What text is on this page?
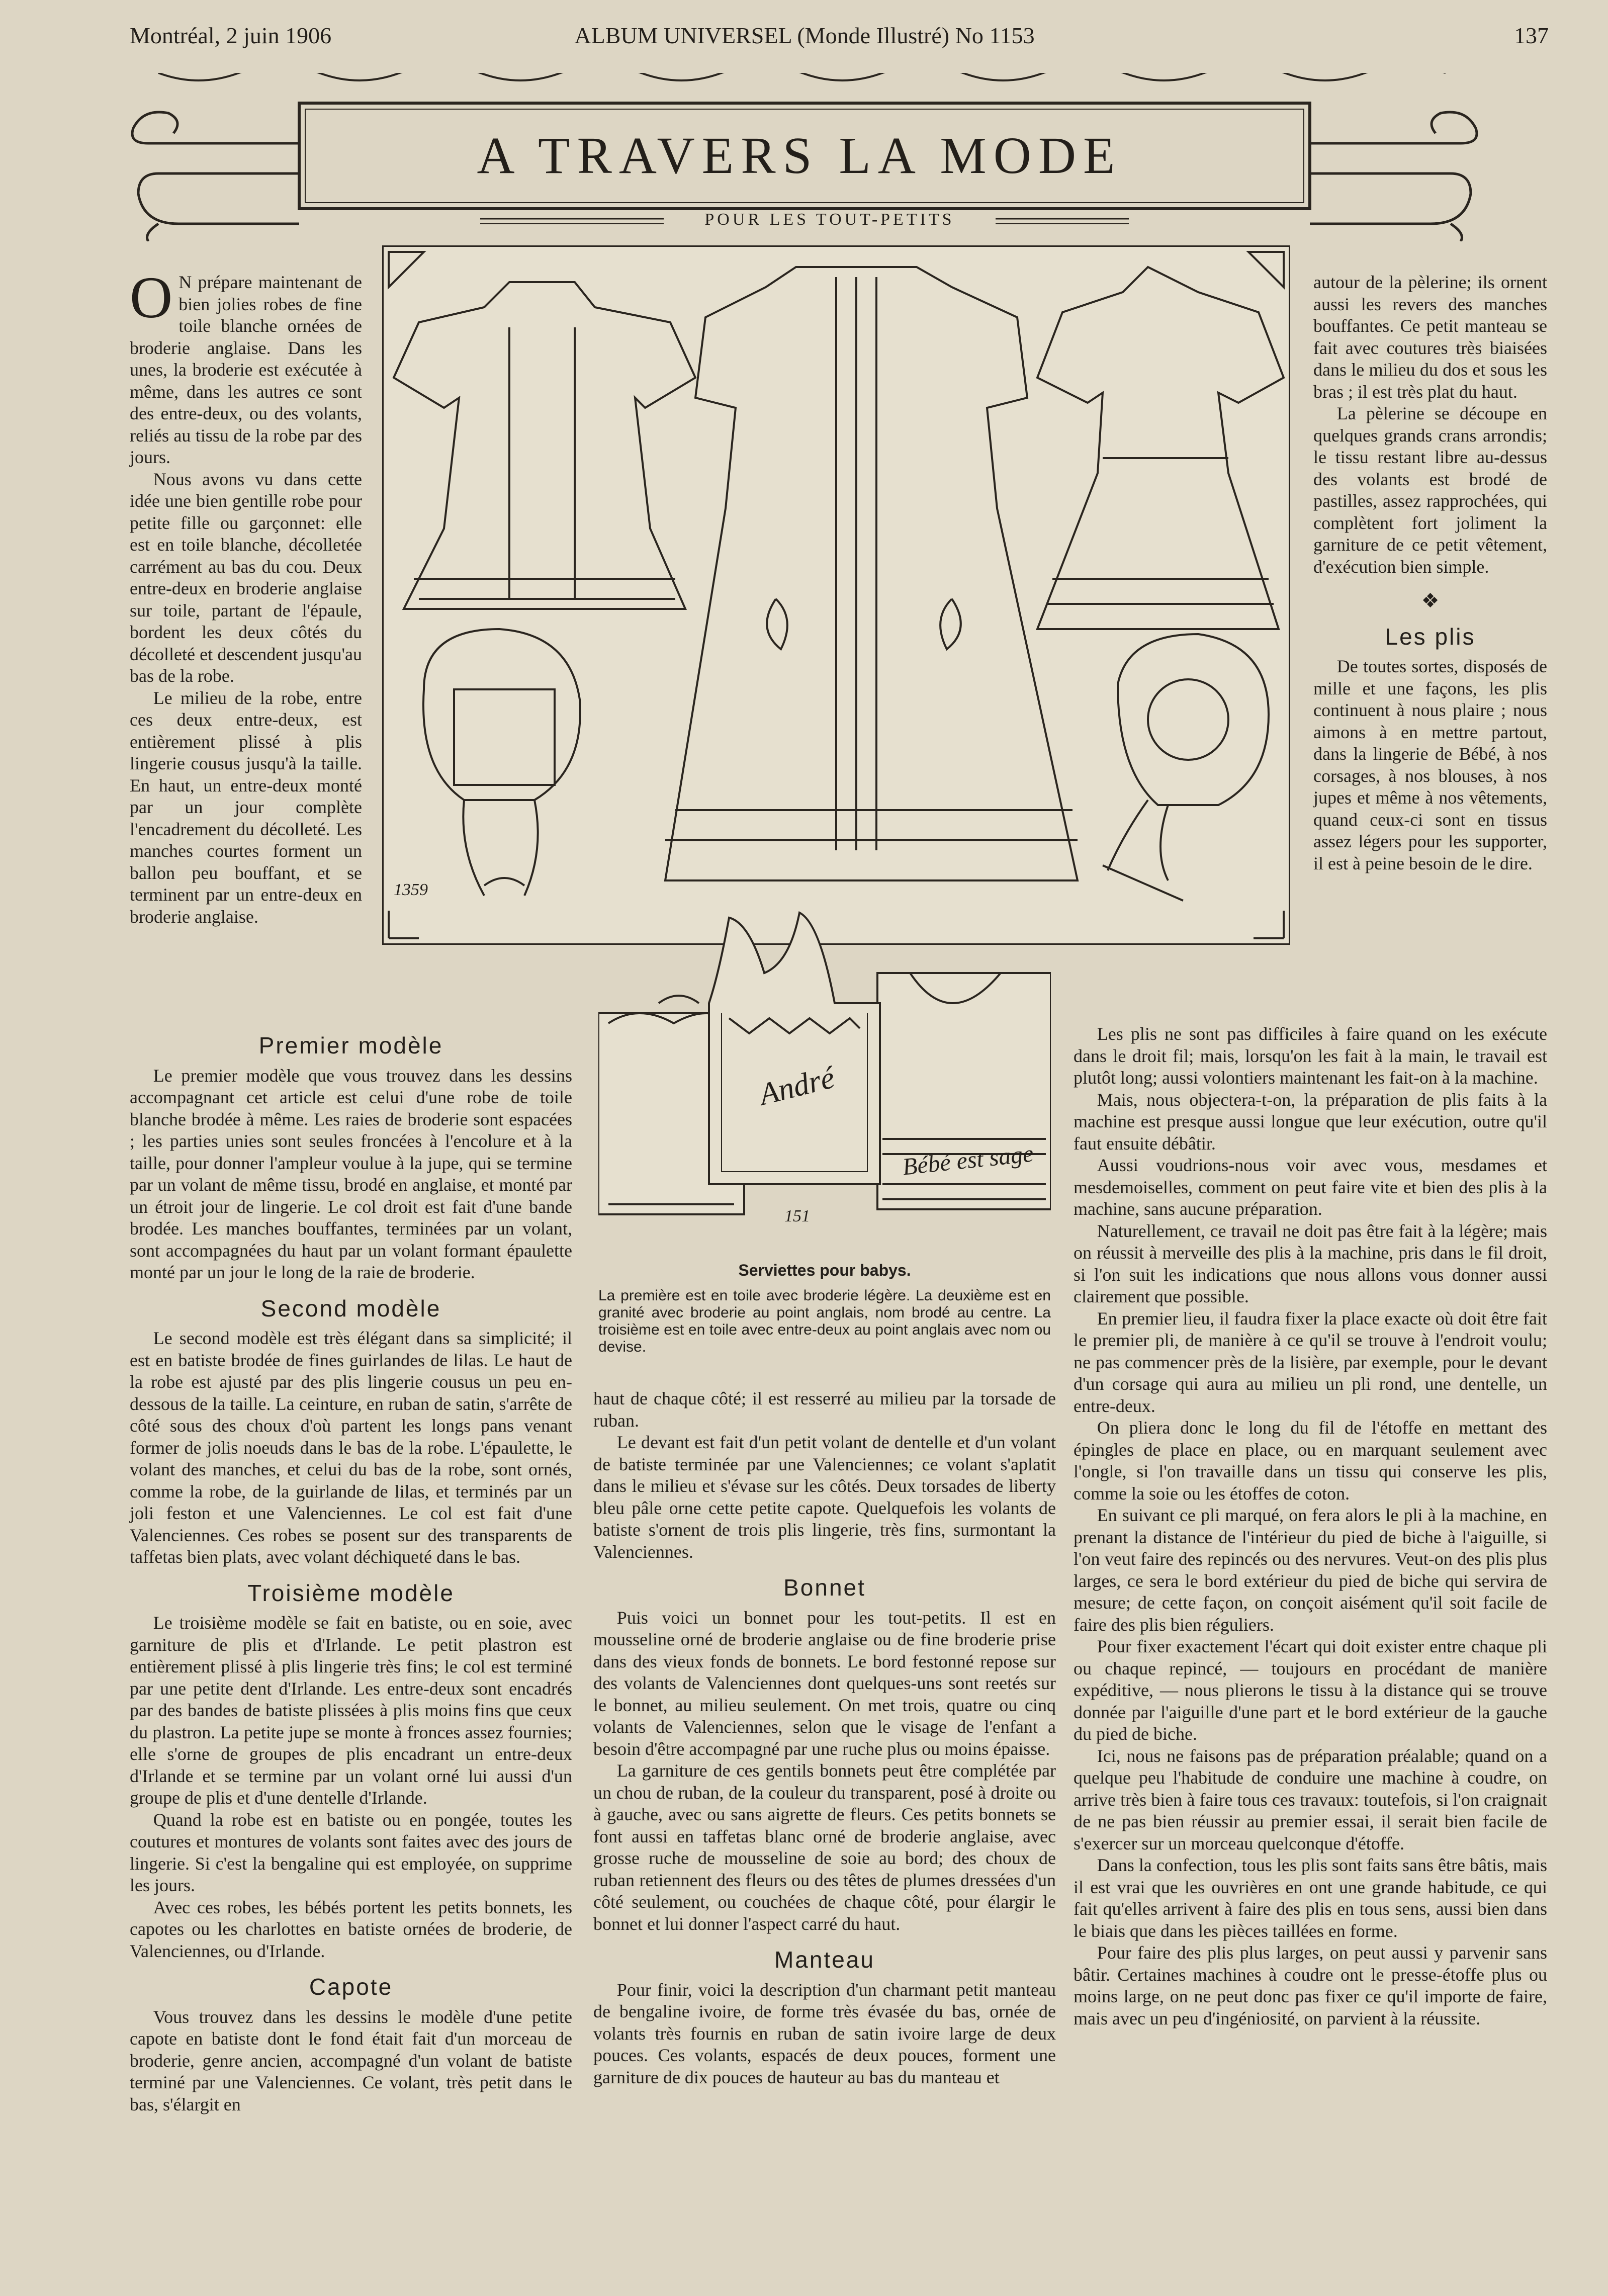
Montréal, 2 juin 1906	ALBUM UNIVERSEL (Monde Illustré) No 1153	137
A TRAVERS LA MODE
POUR LES TOUT-PETITS
1359
André
Bébé est sage
151
Serviettes pour babys.
La première est en toile avec broderie légère. La deuxième est en granité avec broderie au point anglais, nom brodé au centre. La troisième est en toile avec entre-deux au point anglais avec nom ou devise.

O N prépare maintenant de bien jolies robes de fine toile blanche ornées de broderie anglaise. Dans les unes, la broderie est exécutée à même, dans les autres ce sont des entre-deux, ou des volants, reliés au tissu de la robe par des jours.

Nous avons vu dans cette idée une bien gentille robe pour petite fille ou garçonnet: elle est en toile blanche, décolletée carrément au bas du cou. Deux entre-deux en broderie anglaise sur toile, partant de l'épaule, bordent les deux côtés du décolleté et descendent jusqu'au bas de la robe.

Le milieu de la robe, entre ces deux entre-deux, est entièrement plissé à plis lingerie cousus jusqu'à la taille. En haut, un entre-deux monté par un jour complète l'encadrement du décolleté. Les manches courtes forment un ballon peu bouffant, et se terminent par un entre-deux en broderie anglaise.

Premier modèle

Le premier modèle que vous trouvez dans les dessins accompagnant cet article est celui d'une robe de toile blanche brodée à même. Les raies de broderie sont espacées ; les parties unies sont seules froncées à l'encolure et à la taille, pour donner l'ampleur voulue à la jupe, qui se termine par un volant de même tissu, brodé en anglaise, et monté par un étroit jour de lingerie. Le col droit est fait d'une bande brodée. Les manches bouffantes, terminées par un volant, sont accompagnées du haut par un volant formant épaulette monté par un jour le long de la raie de broderie.

Second modèle

Le second modèle est très élégant dans sa simplicité; il est en batiste brodée de fines guirlandes de lilas. Le haut de la robe est ajusté par des plis lingerie cousus un peu en-dessous de la taille. La ceinture, en ruban de satin, s'arrête de côté sous des choux d'où partent les longs pans venant former de jolis noeuds dans le bas de la robe. L'épaulette, le volant des manches, et celui du bas de la robe, sont ornés, comme la robe, de la guirlande de lilas, et terminés par un joli feston et une Valenciennes. Le col est fait d'une Valenciennes. Ces robes se posent sur des transparents de taffetas bien plats, avec volant déchiqueté dans le bas.

Troisième modèle

Le troisième modèle se fait en batiste, ou en soie, avec garniture de plis et d'Irlande. Le petit plastron est entièrement plissé à plis lingerie très fins; le col est terminé par une petite dent d'Irlande. Les entre-deux sont encadrés par des bandes de batiste plissées à plis moins fins que ceux du plastron. La petite jupe se monte à fronces assez fournies; elle s'orne de groupes de plis encadrant un entre-deux d'Irlande et se termine par un volant orné lui aussi d'un groupe de plis et d'une dentelle d'Irlande.

Quand la robe est en batiste ou en pongée, toutes les coutures et montures de volants sont faites avec des jours de lingerie. Si c'est la bengaline qui est employée, on supprime les jours.

Avec ces robes, les bébés portent les petits bonnets, les capotes ou les charlottes en batiste ornées de broderie, de Valenciennes, ou d'Irlande.

Capote

Vous trouvez dans les dessins le modèle d'une petite capote en batiste dont le fond était fait d'un morceau de broderie, genre ancien, accompagné d'un volant de batiste terminé par une Valenciennes. Ce volant, très petit dans le bas, s'élargit en

haut de chaque côté; il est resserré au milieu par la torsade de ruban.

Le devant est fait d'un petit volant de dentelle et d'un volant de batiste terminée par une Valenciennes; ce volant s'aplatit dans le milieu et s'évase sur les côtés. Deux torsades de liberty bleu pâle orne cette petite capote. Quelquefois les volants de batiste s'ornent de trois plis lingerie, très fins, surmontant la Valenciennes.

Bonnet

Puis voici un bonnet pour les tout-petits. Il est en mousseline orné de broderie anglaise ou de fine broderie prise dans des vieux fonds de bonnets. Le bord festonné repose sur des volants de Valenciennes dont quelques-uns sont reetés sur le bonnet, au milieu seulement. On met trois, quatre ou cinq volants de Valenciennes, selon que le visage de l'enfant a besoin d'être accompagné par une ruche plus ou moins épaisse.

La garniture de ces gentils bonnets peut être complétée par un chou de ruban, de la couleur du transparent, posé à droite ou à gauche, avec ou sans aigrette de fleurs. Ces petits bonnets se font aussi en taffetas blanc orné de broderie anglaise, avec grosse ruche de mousseline de soie au bord; des choux de ruban retiennent des fleurs ou des têtes de plumes dressées d'un côté seulement, ou couchées de chaque côté, pour élargir le bonnet et lui donner l'aspect carré du haut.

Manteau

Pour finir, voici la description d'un charmant petit manteau de bengaline ivoire, de forme très évasée du bas, ornée de volants très fournis en ruban de satin ivoire large de deux pouces. Ces volants, espacés de deux pouces, forment une garniture de dix pouces de hauteur au bas du manteau et

autour de la pèlerine; ils ornent aussi les revers des manches bouffantes. Ce petit manteau se fait avec coutures très biaisées dans le milieu du dos et sous les bras ; il est très plat du haut.

La pèlerine se découpe en quelques grands crans arrondis; le tissu restant libre au-dessus des volants est brodé de pastilles, assez rapprochées, qui complètent fort joliment la garniture de ce petit vêtement, d'exécution bien simple.

❖
Les plis

De toutes sortes, disposés de mille et une façons, les plis continuent à nous plaire ; nous aimons à en mettre partout, dans la lingerie de Bébé, à nos corsages, à nos blouses, à nos jupes et même à nos vêtements, quand ceux-ci sont en tissus assez légers pour les supporter, il est à peine besoin de le dire.

Les plis ne sont pas difficiles à faire quand on les exécute dans le droit fil; mais, lorsqu'on les fait à la main, le travail est plutôt long; aussi volontiers maintenant les fait-on à la machine.

Mais, nous objectera-t-on, la préparation de plis faits à la machine est presque aussi longue que leur exécution, outre qu'il faut ensuite débâtir.

Aussi voudrions-nous voir avec vous, mesdames et mesdemoiselles, comment on peut faire vite et bien des plis à la machine, sans aucune préparation.

Naturellement, ce travail ne doit pas être fait à la légère; mais on réussit à merveille des plis à la machine, pris dans le fil droit, si l'on suit les indications que nous allons vous donner aussi clairement que possible.

En premier lieu, il faudra fixer la place exacte où doit être fait le premier pli, de manière à ce qu'il se trouve à l'endroit voulu; ne pas commencer près de la lisière, par exemple, pour le devant d'un corsage qui aura au milieu un pli rond, une dentelle, un entre-deux.

On pliera donc le long du fil de l'étoffe en mettant des épingles de place en place, ou en marquant seulement avec l'ongle, si l'on travaille dans un tissu qui conserve les plis, comme la soie ou les étoffes de coton.

En suivant ce pli marqué, on fera alors le pli à la machine, en prenant la distance de l'intérieur du pied de biche à l'aiguille, si l'on veut faire des repincés ou des nervures. Veut-on des plis plus larges, ce sera le bord extérieur du pied de biche qui servira de mesure; de cette façon, on conçoit aisément qu'il soit facile de faire des plis bien réguliers.

Pour fixer exactement l'écart qui doit exister entre chaque pli ou chaque repincé, — toujours en procédant de manière expéditive, — nous plierons le tissu à la distance qui se trouve donnée par l'aiguille d'une part et le bord extérieur de la gauche du pied de biche.

Ici, nous ne faisons pas de préparation préalable; quand on a quelque peu l'habitude de conduire une machine à coudre, on arrive très bien à faire tous ces travaux: toutefois, si l'on craignait de ne pas bien réussir au premier essai, il serait bien facile de s'exercer sur un morceau quelconque d'étoffe.

Dans la confection, tous les plis sont faits sans être bâtis, mais il est vrai que les ouvrières en ont une grande habitude, ce qui fait qu'elles arrivent à faire des plis en tous sens, aussi bien dans le biais que dans les pièces taillées en forme.

Pour faire des plis plus larges, on peut aussi y parvenir sans bâtir. Certaines machines à coudre ont le presse-étoffe plus ou moins large, on ne peut donc pas fixer ce qu'il importe de faire, mais avec un peu d'ingéniosité, on parvient à la réussite.
